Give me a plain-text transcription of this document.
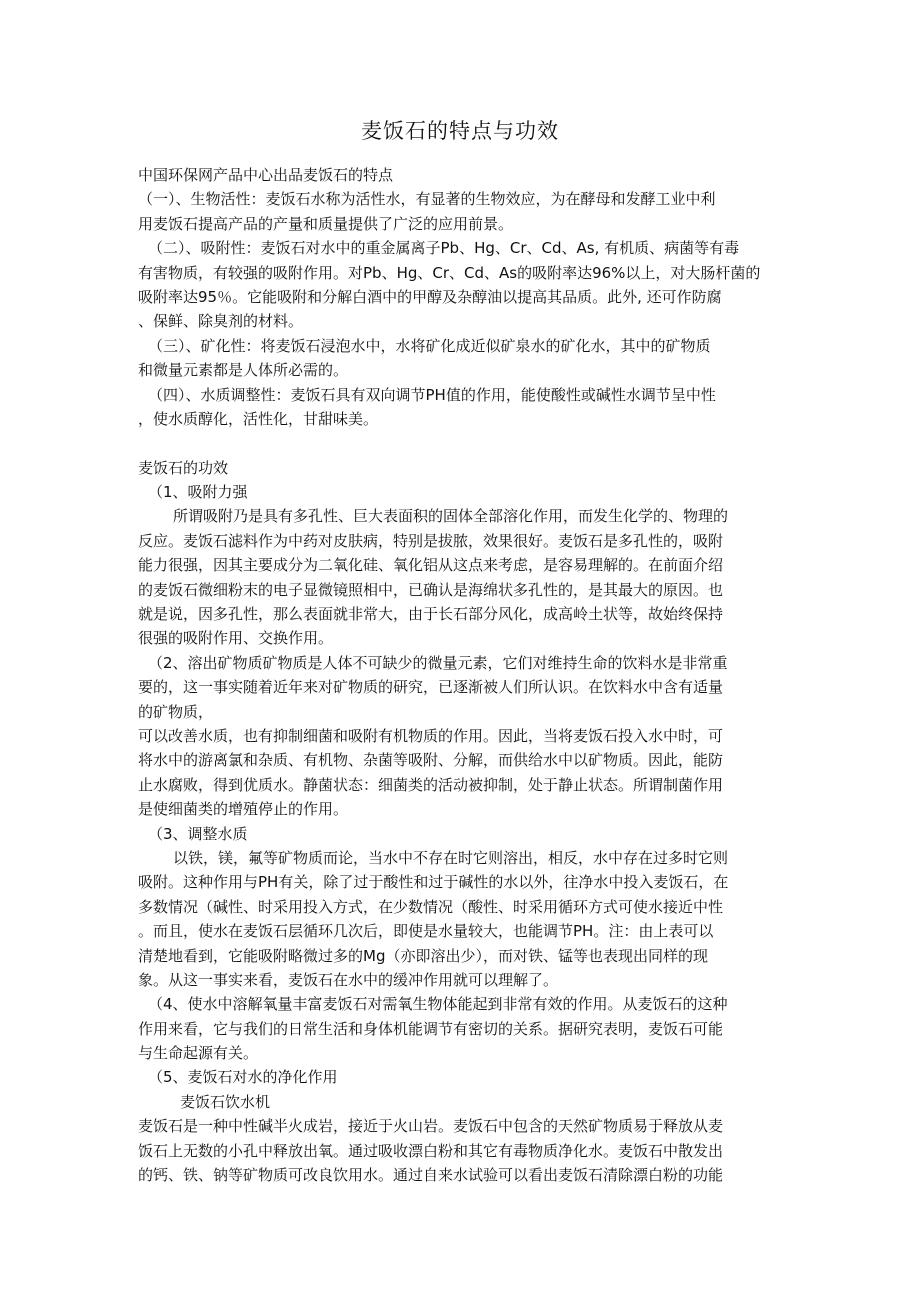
麦饭石的特点与功效
中国环保网产品中心出品麦饭石的特点
（一）、生物活性：麦饭石水称为活性水，有显著的生物效应，为在酵母和发酵工业中利
用麦饭石提高产品的产量和质量提供了广泛的应用前景。
（二）、吸附性：麦饭石对水中的重金属离子Pb、Hg、Cr、Cd、As, 有机质、病菌等有毒
有害物质，有较强的吸附作用。对Pb、Hg、Cr、Cd、As的吸附率达96%以上，对大肠杆菌的
吸附率达95％。它能吸附和分解白酒中的甲醇及杂醇油以提高其品质。此外, 还可作防腐
、保鲜、除臭剂的材料。
（三）、矿化性：将麦饭石浸泡水中，水将矿化成近似矿泉水的矿化水，其中的矿物质
和微量元素都是人体所必需的。
（四）、水质调整性：麦饭石具有双向调节PH值的作用，能使酸性或碱性水调节呈中性
，使水质醇化，活性化，甘甜味美。
麦饭石的功效
（1、吸附力强
所谓吸附乃是具有多孔性、巨大表面积的固体全部溶化作用，而发生化学的、物理的
反应。麦饭石滤料作为中药对皮肤病，特别是拔脓，效果很好。麦饭石是多孔性的，吸附
能力很强，因其主要成分为二氧化硅、氧化铝从这点来考虑，是容易理解的。在前面介绍
的麦饭石微细粉末的电子显微镜照相中，已确认是海绵状多孔性的，是其最大的原因。也
就是说，因多孔性，那么表面就非常大，由于长石部分风化，成高岭土状等，故始终保持
很强的吸附作用、交换作用。
（2、溶出矿物质矿物质是人体不可缺少的微量元素，它们对维持生命的饮料水是非常重
要的，这一事实随着近年来对矿物质的研究，已逐渐被人们所认识。在饮料水中含有适量
的矿物质，
可以改善水质，也有抑制细菌和吸附有机物质的作用。因此，当将麦饭石投入水中时，可
将水中的游离氯和杂质、有机物、杂菌等吸附、分解，而供给水中以矿物质。因此，能防
止水腐败，得到优质水。静菌状态：细菌类的活动被抑制，处于静止状态。所谓制菌作用
是使细菌类的增殖停止的作用。
（3、调整水质
以铁，镁，氟等矿物质而论，当水中不存在时它则溶出，相反，水中存在过多时它则
吸附。这种作用与PH有关，除了过于酸性和过于碱性的水以外，往净水中投入麦饭石，在
多数情况（碱性、时采用投入方式，在少数情况（酸性、时采用循环方式可使水接近中性
。而且，使水在麦饭石层循环几次后，即使是水量较大，也能调节PH。注：由上表可以
清楚地看到，它能吸附略微过多的Mg（亦即溶出少），而对铁、锰等也表现出同样的现
象。从这一事实来看，麦饭石在水中的缓冲作用就可以理解了。
（4、使水中溶解氧量丰富麦饭石对需氧生物体能起到非常有效的作用。从麦饭石的这种
作用来看，它与我们的日常生活和身体机能调节有密切的关系。据研究表明，麦饭石可能
与生命起源有关。
（5、麦饭石对水的净化作用
麦饭石饮水机
麦饭石是一种中性碱半火成岩，接近于火山岩。麦饭石中包含的天然矿物质易于释放从麦
饭石上无数的小孔中释放出氧。通过吸收漂白粉和其它有毒物质净化水。麦饭石中散发出
的钙、铁、钠等矿物质可改良饮用水。通过自来水试验可以看出麦饭石清除漂白粉的功能
